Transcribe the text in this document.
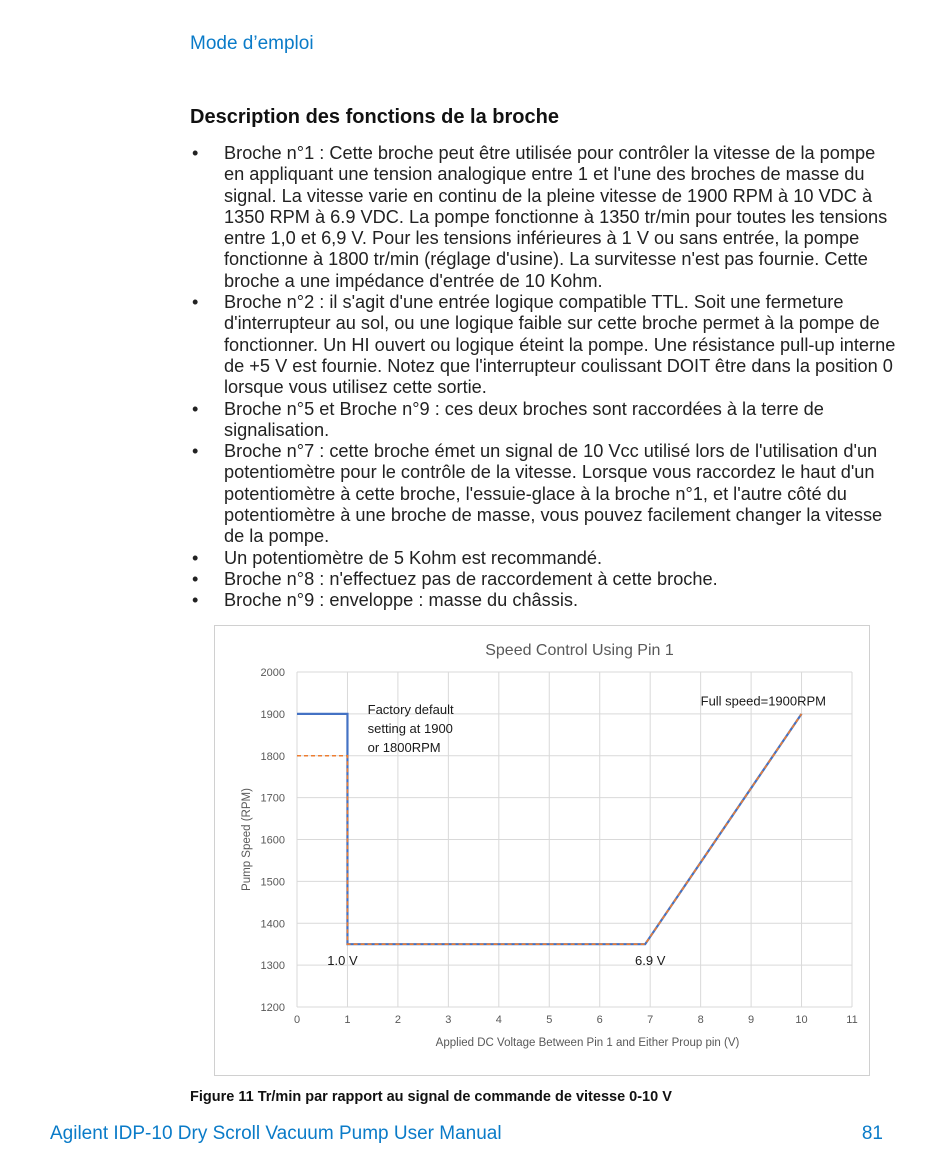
Mode d’emploi
Description des fonctions de la broche
• Broche n°1 : Cette broche peut être utilisée pour contrôler la vitesse de la pompe en appliquant une tension analogique entre 1 et l'une des broches de masse du signal. La vitesse varie en continu de la pleine vitesse de 1900 RPM à 10 VDC à 1350 RPM à 6.9 VDC. La pompe fonctionne à 1350 tr/min pour toutes les tensions entre 1,0 et 6,9 V. Pour les tensions inférieures à 1 V ou sans entrée, la pompe fonctionne à 1800 tr/min (réglage d'usine). La survitesse n'est pas fournie. Cette broche a une impédance d'entrée de 10 Kohm.
• Broche n°2 : il s'agit d'une entrée logique compatible TTL. Soit une fermeture d'interrupteur au sol, ou une logique faible sur cette broche permet à la pompe de fonctionner. Un HI ouvert ou logique éteint la pompe. Une résistance pull-up interne de +5 V est fournie. Notez que l'interrupteur coulissant DOIT être dans la position 0 lorsque vous utilisez cette sortie.
• Broche n°5 et Broche n°9 : ces deux broches sont raccordées à la terre de signalisation.
• Broche n°7 : cette broche émet un signal de 10 Vcc utilisé lors de l'utilisation d'un potentiomètre pour le contrôle de la vitesse. Lorsque vous raccordez le haut d'un potentiomètre à cette broche, l'essuie-glace à la broche n°1, et l'autre côté du potentiomètre à une broche de masse, vous pouvez facilement changer la vitesse de la pompe.
• Un potentiomètre de 5 Kohm est recommandé.
• Broche n°8 : n'effectuez pas de raccordement à cette broche.
• Broche n°9 : enveloppe : masse du châssis.
1200
1300
1400
1500
1600
1700
1800
1900
2000
0	1	2	3	4	5	6	7	8	9	10	11
Speed Control Using Pin 1
Applied DC Voltage Between Pin 1 and Either Proup pin (V)
Pump Speed (RPM)
Factory default
setting at 1900
or 1800RPM
Full speed=1900RPM
1.0 V	6.9 V
Figure 11 Tr/min par rapport au signal de commande de vitesse 0-10 V
Agilent IDP-10 Dry Scroll Vacuum Pump User Manual	81
